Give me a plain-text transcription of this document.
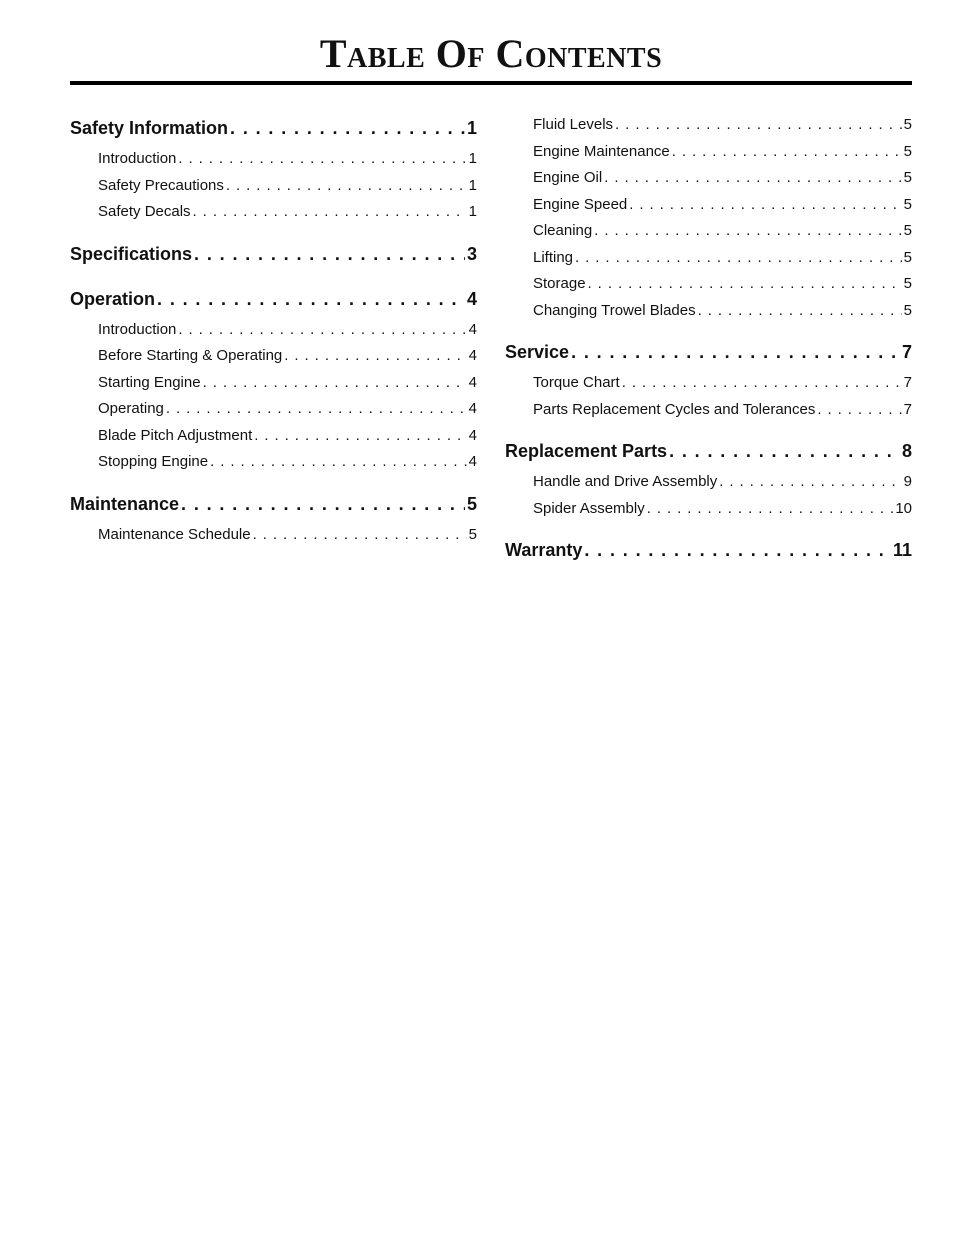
Table Of Contents
Safety Information . . .	1
Introduction . . .	1
Safety Precautions . . .	1
Safety Decals . . .	1
Specifications . . .	3
Operation . . .	4
Introduction . . .	4
Before Starting & Operating . . .	4
Starting Engine . . .	4
Operating . . .	4
Blade Pitch Adjustment . . .	4
Stopping Engine . . .	4
Maintenance . . .	5
Maintenance Schedule . . .	5
Fluid Levels . . .	5
Engine Maintenance . . .	5
Engine Oil . . .	5
Engine Speed . . .	5
Cleaning . . .	5
Lifting . . .	5
Storage . . .	5
Changing Trowel Blades . . .	5
Service . . .	7
Torque Chart . . .	7
Parts Replacement Cycles and Tolerances . . .	7
Replacement Parts . . .	8
Handle and Drive Assembly . . .	9
Spider Assembly . . .	10
Warranty . . .	11
